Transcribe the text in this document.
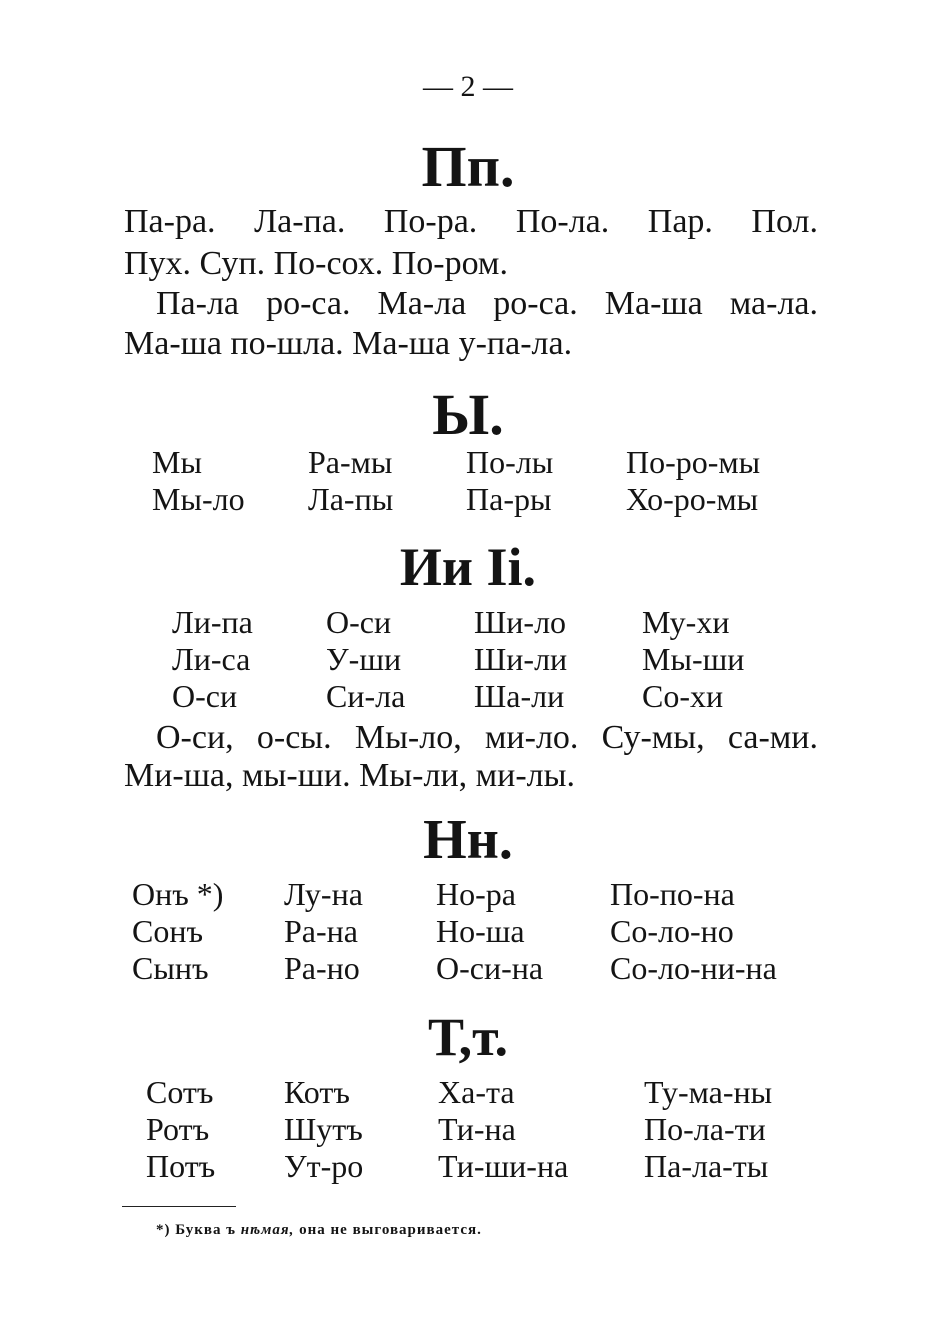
— 2 —
Пп.
Па-ра. Ла-па. По-ра. По-ла. Пар. Пол.
Пух. Суп. По-сох. По-ром.
Па-ла ро-са. Ма-ла ро-са. Ма-ша ма-ла.
Ма-ша по-шла. Ма-ша у-па-ла.
Ы.
Мы	Ра-мы По-лы По-ро-мы
Мы-ло Ла-пы Па-ры Хо-ро-мы
Ии Іі.
Ли-па О-си	Ши-ло Му-хи
Ли-са У-ши Ши-ли Мы-ши
О-си	Си-ла Ша-ли Со-хи
О-си, о-сы. Мы-ло, ми-ло. Су-мы, са-ми.
Ми-ша, мы-ши. Мы-ли, ми-лы.
Нн.
Онъ *) Лу-на Но-ра	По-по-на
Сонъ	Ра-на Но-ша	Со-ло-но
Сынъ Ра-но О-си-на Со-ло-ни-на
Т,т.
Сотъ Котъ	Ха-та	Ту-ма-ны
Ротъ Шутъ Ти-на	По-ла-ти
Потъ Ут-ро Ти-ши-на Па-ла-ты
*) Буква ъ нѣмая, она не выговаривается.
